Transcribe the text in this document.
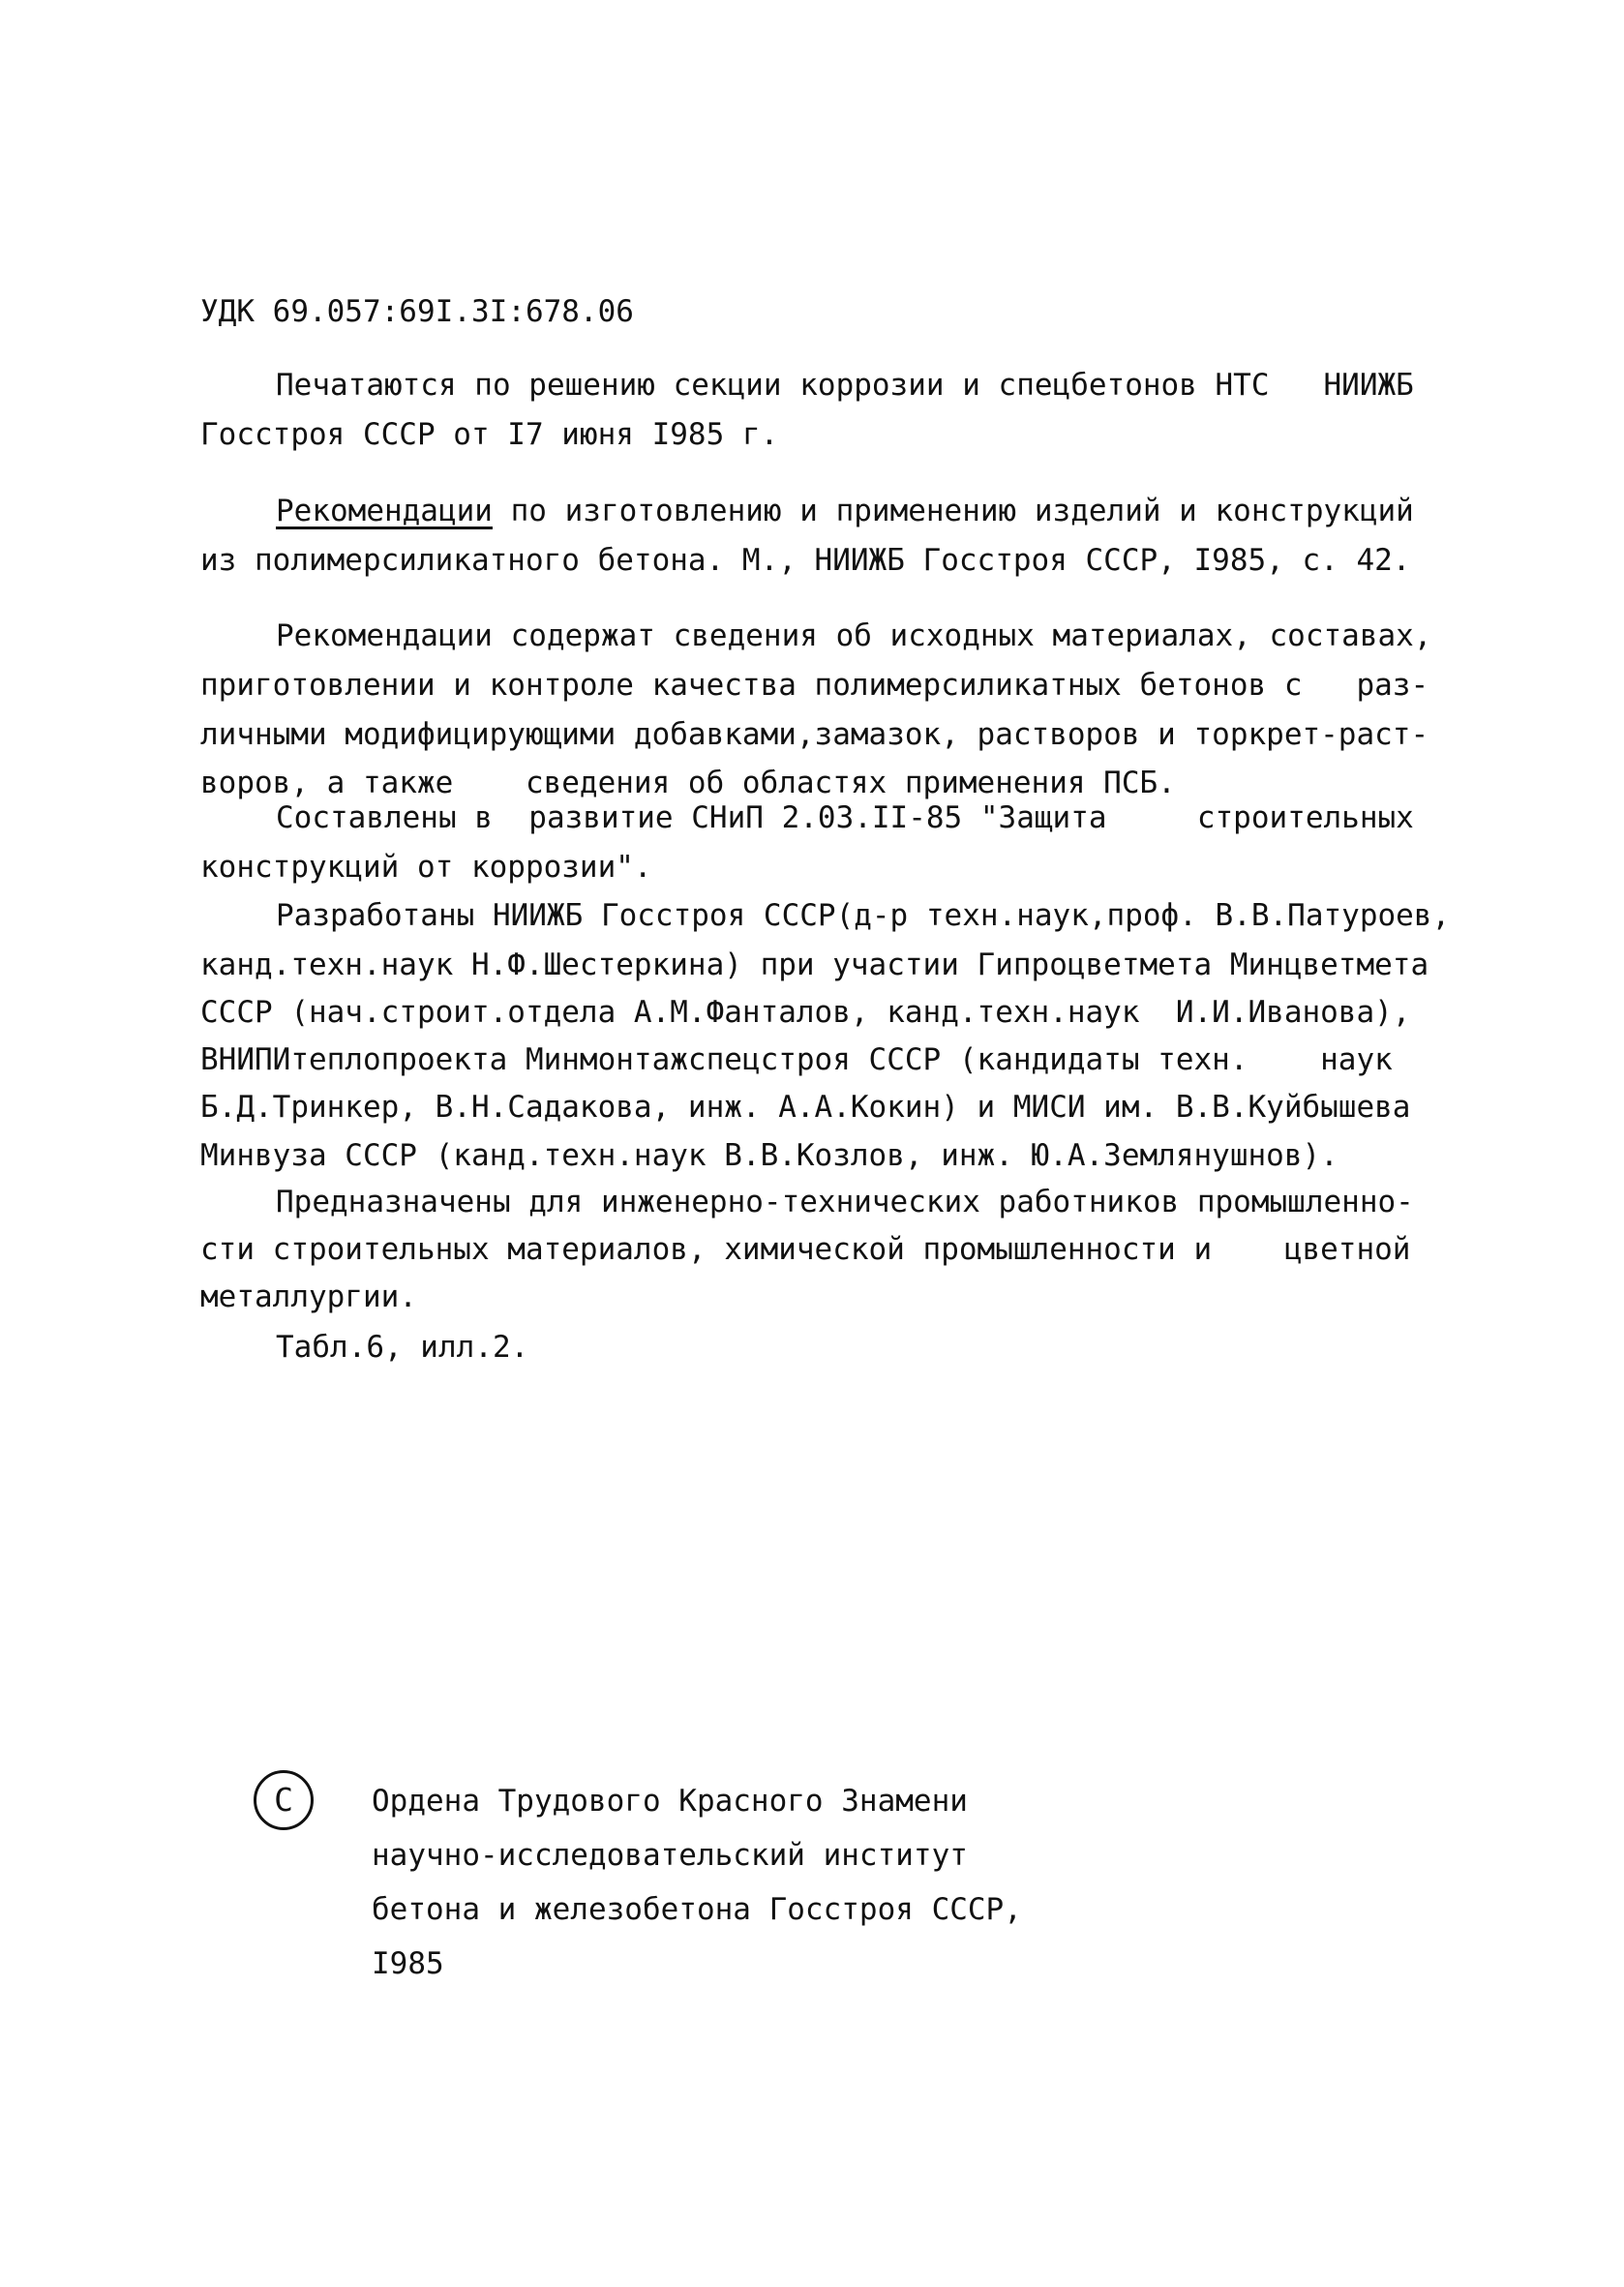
УДК 69.057:69I.3I:678.06
Печатаются по решению секции коррозии и спецбетонов НТС   НИИЖБ
Госстроя СССР от I7 июня I985 г.
Рекомендации по изготовлению и применению изделий и конструкций
из полимерсиликатного бетона. М., НИИЖБ Госстроя СССР, I985, с. 42.
Рекомендации содержат сведения об исходных материалах, составах,
приготовлении и контроле качества полимерсиликатных бетонов с   раз-
личными модифицирующими добавками,замазок, растворов и торкрет-раст-
воров, а также    сведения об областях применения ПСБ.
Составлены в  развитие СНиП 2.03.II-85 "Защита     строительных
конструкций от коррозии".
Разработаны НИИЖБ Госстроя СССР(д-р техн.наук,проф. В.В.Патуроев,
канд.техн.наук Н.Ф.Шестеркина) при участии Гипроцветмета Минцветмета
СССР (нач.строит.отдела А.М.Фанталов, канд.техн.наук  И.И.Иванова),
ВНИПИтеплопроекта Минмонтажспецстроя СССР (кандидаты техн.    наук
Б.Д.Тринкер, В.Н.Садакова, инж. А.А.Кокин) и МИСИ им. В.В.Куйбышева
Минвуза СССР (канд.техн.наук В.В.Козлов, инж. Ю.А.Землянушнов).
Предназначены для инженерно-технических работников промышленно-
сти строительных материалов, химической промышленности и    цветной
металлургии.
Табл.6, илл.2.
С	Ордена Трудового Красного Знамени
научно-исследовательский институт
бетона и железобетона Госстроя СССР,
I985
